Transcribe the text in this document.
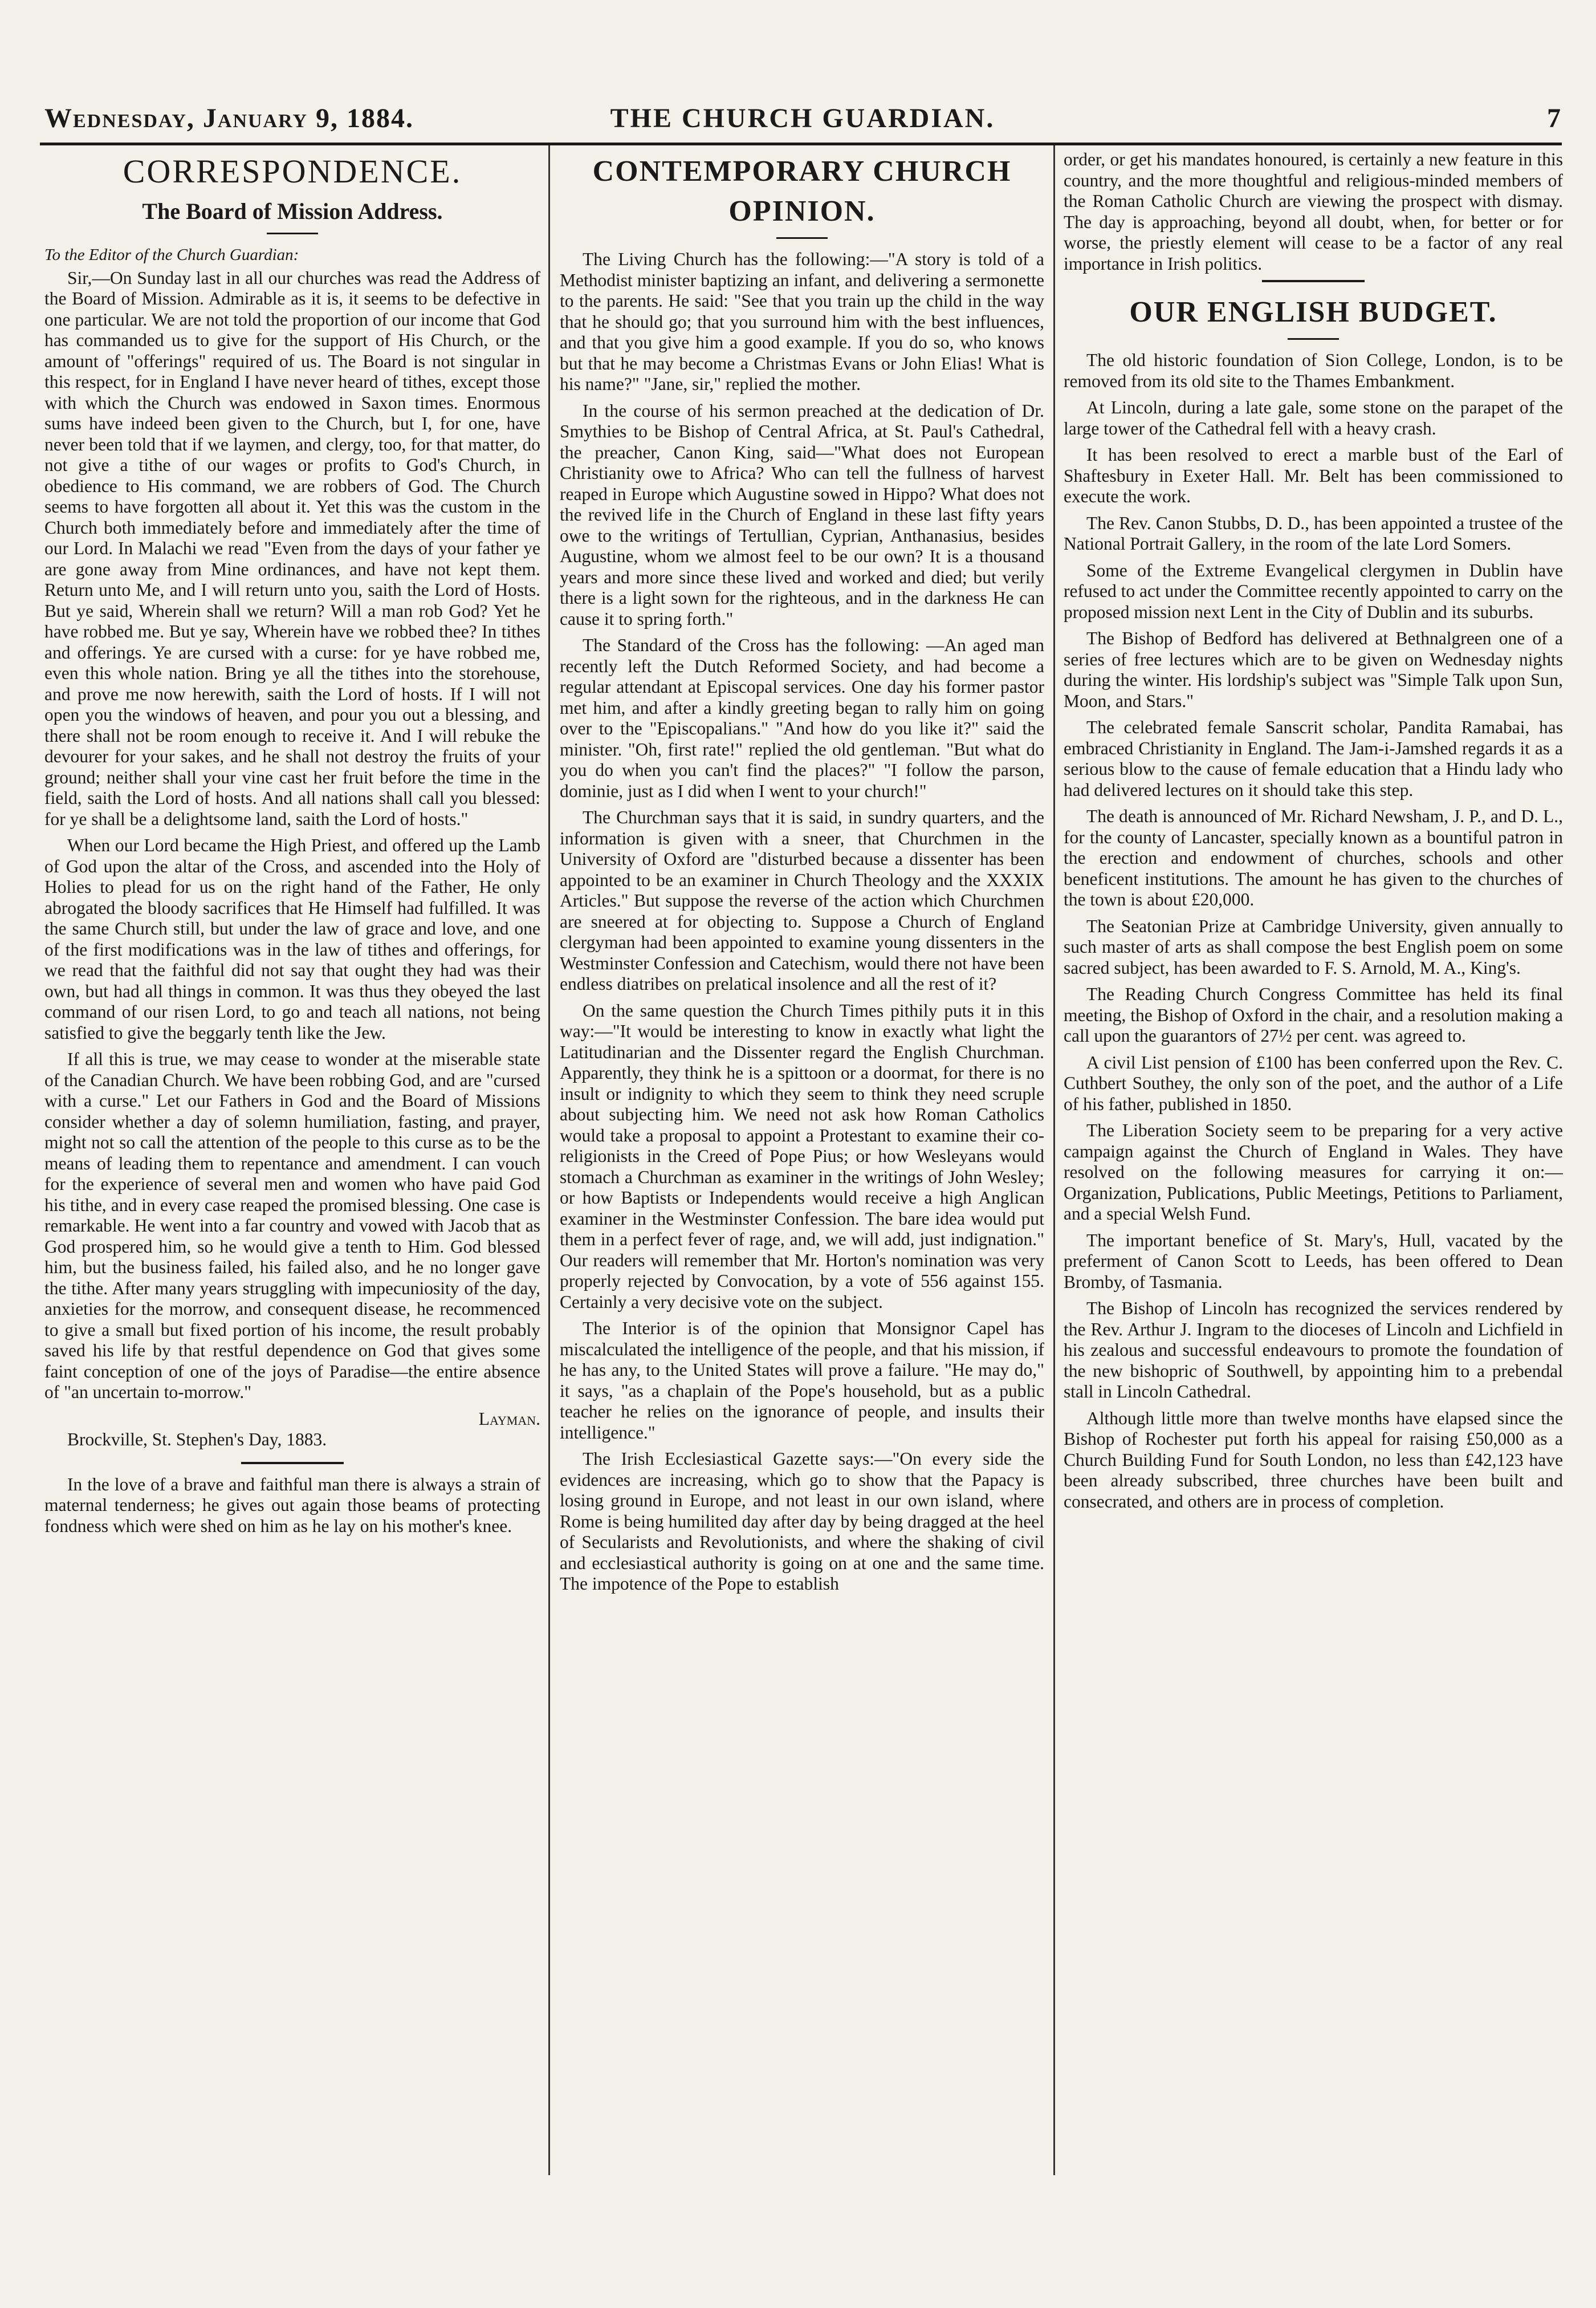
THE CHURCH GUARDIAN.
Wednesday, January 9, 1884.	7
CORRESPONDENCE.
The Board of Mission Address.

To the Editor of the Church Guardian:

Sir,—On Sunday last in all our churches was read the Address of the Board of Mission. Admirable as it is, it seems to be defective in one particular. We are not told the proportion of our income that God has commanded us to give for the support of His Church, or the amount of "offerings" required of us. The Board is not singular in this respect, for in England I have never heard of tithes, except those with which the Church was endowed in Saxon times. Enormous sums have indeed been given to the Church, but I, for one, have never been told that if we laymen, and clergy, too, for that matter, do not give a tithe of our wages or profits to God's Church, in obedience to His command, we are robbers of God. The Church seems to have forgotten all about it. Yet this was the custom in the Church both immediately before and immediately after the time of our Lord. In Malachi we read "Even from the days of your father ye are gone away from Mine ordinances, and have not kept them. Return unto Me, and I will return unto you, saith the Lord of Hosts. But ye said, Wherein shall we return? Will a man rob God? Yet he have robbed me. But ye say, Wherein have we robbed thee? In tithes and offerings. Ye are cursed with a curse: for ye have robbed me, even this whole nation. Bring ye all the tithes into the storehouse, and prove me now herewith, saith the Lord of hosts. If I will not open you the windows of heaven, and pour you out a blessing, and there shall not be room enough to receive it. And I will rebuke the devourer for your sakes, and he shall not destroy the fruits of your ground; neither shall your vine cast her fruit before the time in the field, saith the Lord of hosts. And all nations shall call you blessed: for ye shall be a delightsome land, saith the Lord of hosts."

When our Lord became the High Priest, and offered up the Lamb of God upon the altar of the Cross, and ascended into the Holy of Holies to plead for us on the right hand of the Father, He only abrogated the bloody sacrifices that He Himself had fulfilled. It was the same Church still, but under the law of grace and love, and one of the first modifications was in the law of tithes and offerings, for we read that the faithful did not say that ought they had was their own, but had all things in common. It was thus they obeyed the last command of our risen Lord, to go and teach all nations, not being satisfied to give the beggarly tenth like the Jew.

If all this is true, we may cease to wonder at the miserable state of the Canadian Church. We have been robbing God, and are "cursed with a curse." Let our Fathers in God and the Board of Missions consider whether a day of solemn humiliation, fasting, and prayer, might not so call the attention of the people to this curse as to be the means of leading them to repentance and amendment. I can vouch for the experience of several men and women who have paid God his tithe, and in every case reaped the promised blessing. One case is remarkable. He went into a far country and vowed with Jacob that as God prospered him, so he would give a tenth to Him. God blessed him, but the business failed, his failed also, and he no longer gave the tithe. After many years struggling with impecuniosity of the day, anxieties for the morrow, and consequent disease, he recommenced to give a small but fixed portion of his income, the result probably saved his life by that restful dependence on God that gives some faint conception of one of the joys of Paradise—the entire absence of "an uncertain to-morrow."

Layman.

Brockville, St. Stephen's Day, 1883.

In the love of a brave and faithful man there is always a strain of maternal tenderness; he gives out again those beams of protecting fondness which were shed on him as he lay on his mother's knee.

CONTEMPORARY CHURCH OPINION.

The Living Church has the following:—"A story is told of a Methodist minister baptizing an infant, and delivering a sermonette to the parents. He said: "See that you train up the child in the way that he should go; that you surround him with the best influences, and that you give him a good example. If you do so, who knows but that he may become a Christmas Evans or John Elias! What is his name?" "Jane, sir," replied the mother.

In the course of his sermon preached at the dedication of Dr. Smythies to be Bishop of Central Africa, at St. Paul's Cathedral, the preacher, Canon King, said—"What does not European Christianity owe to Africa? Who can tell the fullness of harvest reaped in Europe which Augustine sowed in Hippo? What does not the revived life in the Church of England in these last fifty years owe to the writings of Tertullian, Cyprian, Anthanasius, besides Augustine, whom we almost feel to be our own? It is a thousand years and more since these lived and worked and died; but verily there is a light sown for the righteous, and in the darkness He can cause it to spring forth."

The Standard of the Cross has the following: —An aged man recently left the Dutch Reformed Society, and had become a regular attendant at Episcopal services. One day his former pastor met him, and after a kindly greeting began to rally him on going over to the "Episcopalians." "And how do you like it?" said the minister. "Oh, first rate!" replied the old gentleman. "But what do you do when you can't find the places?" "I follow the parson, dominie, just as I did when I went to your church!"

The Churchman says that it is said, in sundry quarters, and the information is given with a sneer, that Churchmen in the University of Oxford are "disturbed because a dissenter has been appointed to be an examiner in Church Theology and the XXXIX Articles." But suppose the reverse of the action which Churchmen are sneered at for objecting to. Suppose a Church of England clergyman had been appointed to examine young dissenters in the Westminster Confession and Catechism, would there not have been endless diatribes on prelatical insolence and all the rest of it?

On the same question the Church Times pithily puts it in this way:—"It would be interesting to know in exactly what light the Latitudinarian and the Dissenter regard the English Churchman. Apparently, they think he is a spittoon or a doormat, for there is no insult or indignity to which they seem to think they need scruple about subjecting him. We need not ask how Roman Catholics would take a proposal to appoint a Protestant to examine their co-religionists in the Creed of Pope Pius; or how Wesleyans would stomach a Churchman as examiner in the writings of John Wesley; or how Baptists or Independents would receive a high Anglican examiner in the Westminster Confession. The bare idea would put them in a perfect fever of rage, and, we will add, just indignation." Our readers will remember that Mr. Horton's nomination was very properly rejected by Convocation, by a vote of 556 against 155. Certainly a very decisive vote on the subject.

The Interior is of the opinion that Monsignor Capel has miscalculated the intelligence of the people, and that his mission, if he has any, to the United States will prove a failure. "He may do," it says, "as a chaplain of the Pope's household, but as a public teacher he relies on the ignorance of people, and insults their intelligence."

The Irish Ecclesiastical Gazette says:—"On every side the evidences are increasing, which go to show that the Papacy is losing ground in Europe, and not least in our own island, where Rome is being humilited day after day by being dragged at the heel of Secularists and Revolutionists, and where the shaking of civil and ecclesiastical authority is going on at one and the same time. The impotence of the Pope to establish

order, or get his mandates honoured, is certainly a new feature in this country, and the more thoughtful and religious-minded members of the Roman Catholic Church are viewing the prospect with dismay. The day is approaching, beyond all doubt, when, for better or for worse, the priestly element will cease to be a factor of any real importance in Irish politics.

OUR ENGLISH BUDGET.

The old historic foundation of Sion College, London, is to be removed from its old site to the Thames Embankment.

At Lincoln, during a late gale, some stone on the parapet of the large tower of the Cathedral fell with a heavy crash.

It has been resolved to erect a marble bust of the Earl of Shaftesbury in Exeter Hall. Mr. Belt has been commissioned to execute the work.

The Rev. Canon Stubbs, D. D., has been appointed a trustee of the National Portrait Gallery, in the room of the late Lord Somers.

Some of the Extreme Evangelical clergymen in Dublin have refused to act under the Committee recently appointed to carry on the proposed mission next Lent in the City of Dublin and its suburbs.

The Bishop of Bedford has delivered at Bethnalgreen one of a series of free lectures which are to be given on Wednesday nights during the winter. His lordship's subject was "Simple Talk upon Sun, Moon, and Stars."

The celebrated female Sanscrit scholar, Pandita Ramabai, has embraced Christianity in England. The Jam-i-Jamshed regards it as a serious blow to the cause of female education that a Hindu lady who had delivered lectures on it should take this step.

The death is announced of Mr. Richard Newsham, J. P., and D. L., for the county of Lancaster, specially known as a bountiful patron in the erection and endowment of churches, schools and other beneficent institutions. The amount he has given to the churches of the town is about £20,000.

The Seatonian Prize at Cambridge University, given annually to such master of arts as shall compose the best English poem on some sacred subject, has been awarded to F. S. Arnold, M. A., King's.

The Reading Church Congress Committee has held its final meeting, the Bishop of Oxford in the chair, and a resolution making a call upon the guarantors of 27½ per cent. was agreed to.

A civil List pension of £100 has been conferred upon the Rev. C. Cuthbert Southey, the only son of the poet, and the author of a Life of his father, published in 1850.

The Liberation Society seem to be preparing for a very active campaign against the Church of England in Wales. They have resolved on the following measures for carrying it on:—Organization, Publications, Public Meetings, Petitions to Parliament, and a special Welsh Fund.

The important benefice of St. Mary's, Hull, vacated by the preferment of Canon Scott to Leeds, has been offered to Dean Bromby, of Tasmania.

The Bishop of Lincoln has recognized the services rendered by the Rev. Arthur J. Ingram to the dioceses of Lincoln and Lichfield in his zealous and successful endeavours to promote the foundation of the new bishopric of Southwell, by appointing him to a prebendal stall in Lincoln Cathedral.

Although little more than twelve months have elapsed since the Bishop of Rochester put forth his appeal for raising £50,000 as a Church Building Fund for South London, no less than £42,123 have been already subscribed, three churches have been built and consecrated, and others are in process of completion.
